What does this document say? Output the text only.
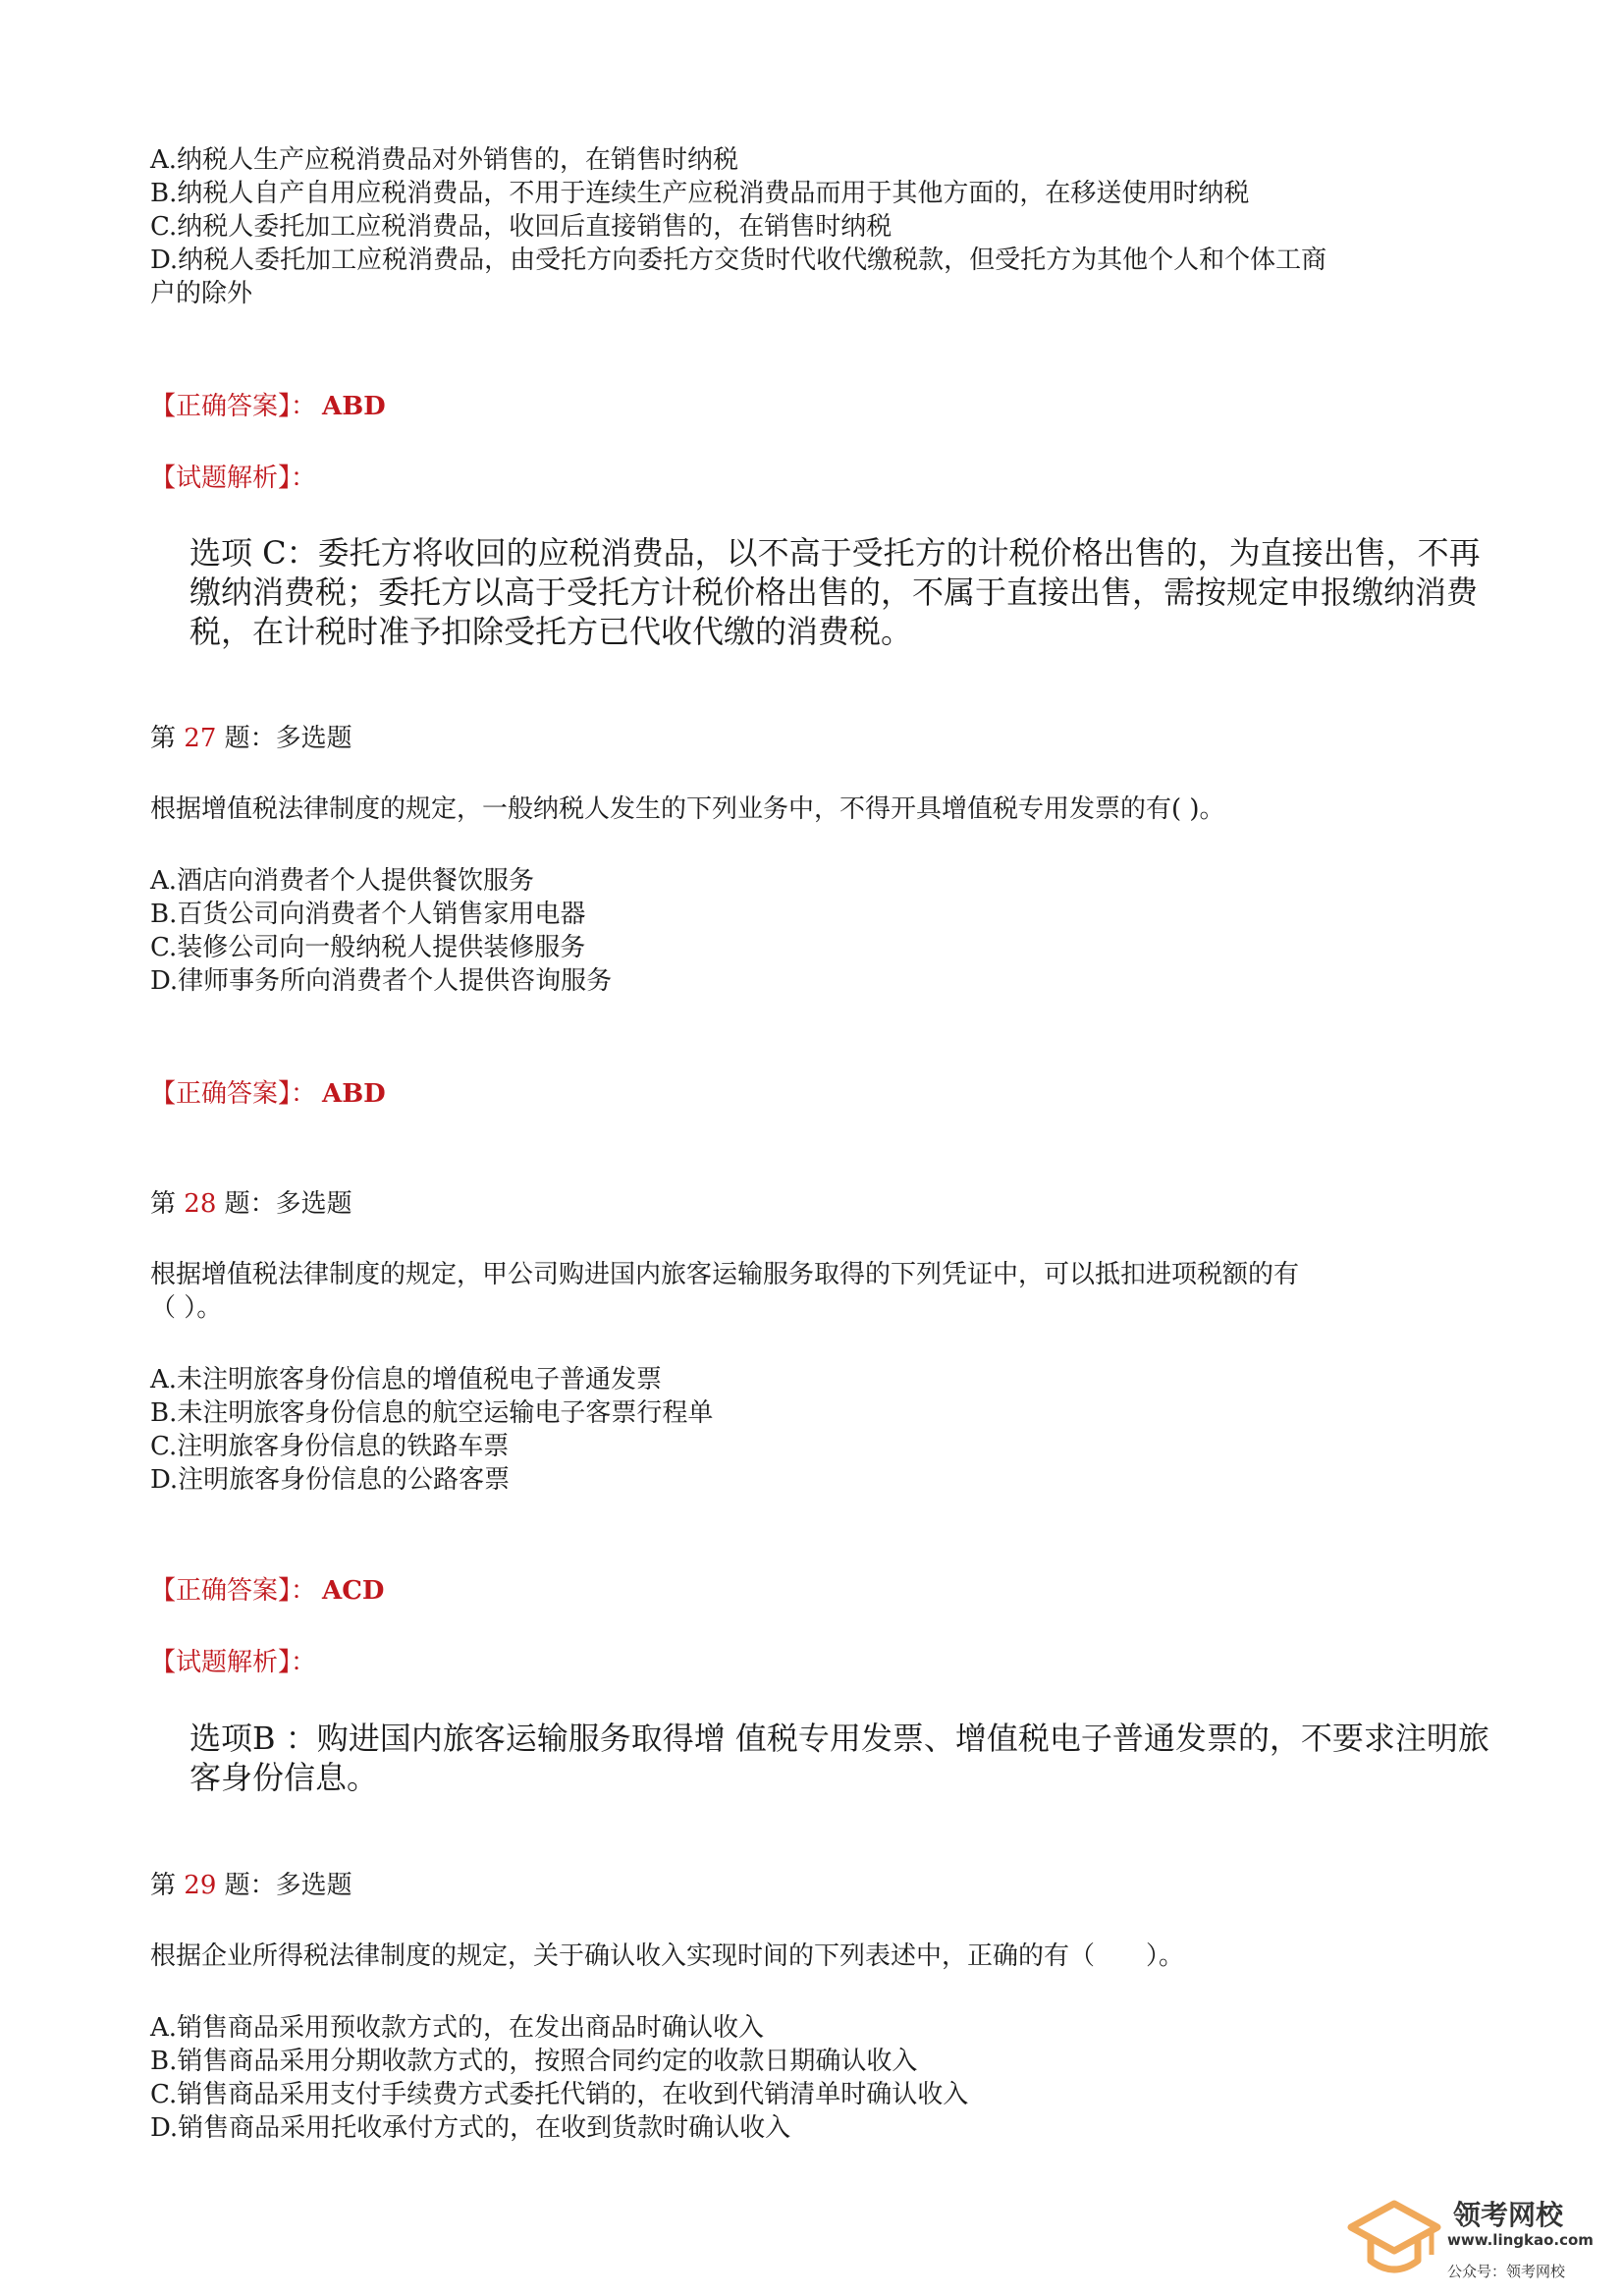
A.纳税人生产应税消费品对外销售的，在销售时纳税
B.纳税人自产自用应税消费品，不用于连续生产应税消费品而用于其他方面的，在移送使用时纳税
C.纳税人委托加工应税消费品，收回后直接销售的，在销售时纳税
D.纳税人委托加工应税消费品，由受托方向委托方交货时代收代缴税款，但受托方为其他个人和个体工商
户的除外
【正确答案】： ABD
【试题解析】：
选项 C：委托方将收回的应税消费品，以不高于受托方的计税价格出售的，为直接出售，不再缴纳消费税；委托方以高于受托方计税价格出售的，不属于直接出售，需按规定申报缴纳消费税，在计税时准予扣除受托方已代收代缴的消费税。
第 27 题：多选题
根据增值税法律制度的规定，一般纳税人发生的下列业务中，不得开具增值税专用发票的有( )。
A.酒店向消费者个人提供餐饮服务
B.百货公司向消费者个人销售家用电器
C.装修公司向一般纳税人提供装修服务
D.律师事务所向消费者个人提供咨询服务
【正确答案】： ABD
第 28 题：多选题
根据增值税法律制度的规定，甲公司购进国内旅客运输服务取得的下列凭证中，可以抵扣进项税额的有
（ ）。
A.未注明旅客身份信息的增值税电子普通发票
B.未注明旅客身份信息的航空运输电子客票行程单
C.注明旅客身份信息的铁路车票
D.注明旅客身份信息的公路客票
【正确答案】： ACD
【试题解析】：
选项B ：购进国内旅客运输服务取得增 值税专用发票、增值税电子普通发票的，不要求注明旅客身份信息。
第 29 题：多选题
根据企业所得税法律制度的规定，关于确认收入实现时间的下列表述中，正确的有（　　）。
A.销售商品采用预收款方式的，在发出商品时确认收入
B.销售商品采用分期收款方式的，按照合同约定的收款日期确认收入
C.销售商品采用支付手续费方式委托代销的，在收到代销清单时确认收入
D.销售商品采用托收承付方式的，在收到货款时确认收入
领考网校
www.lingkao.com
公众号：领考网校
